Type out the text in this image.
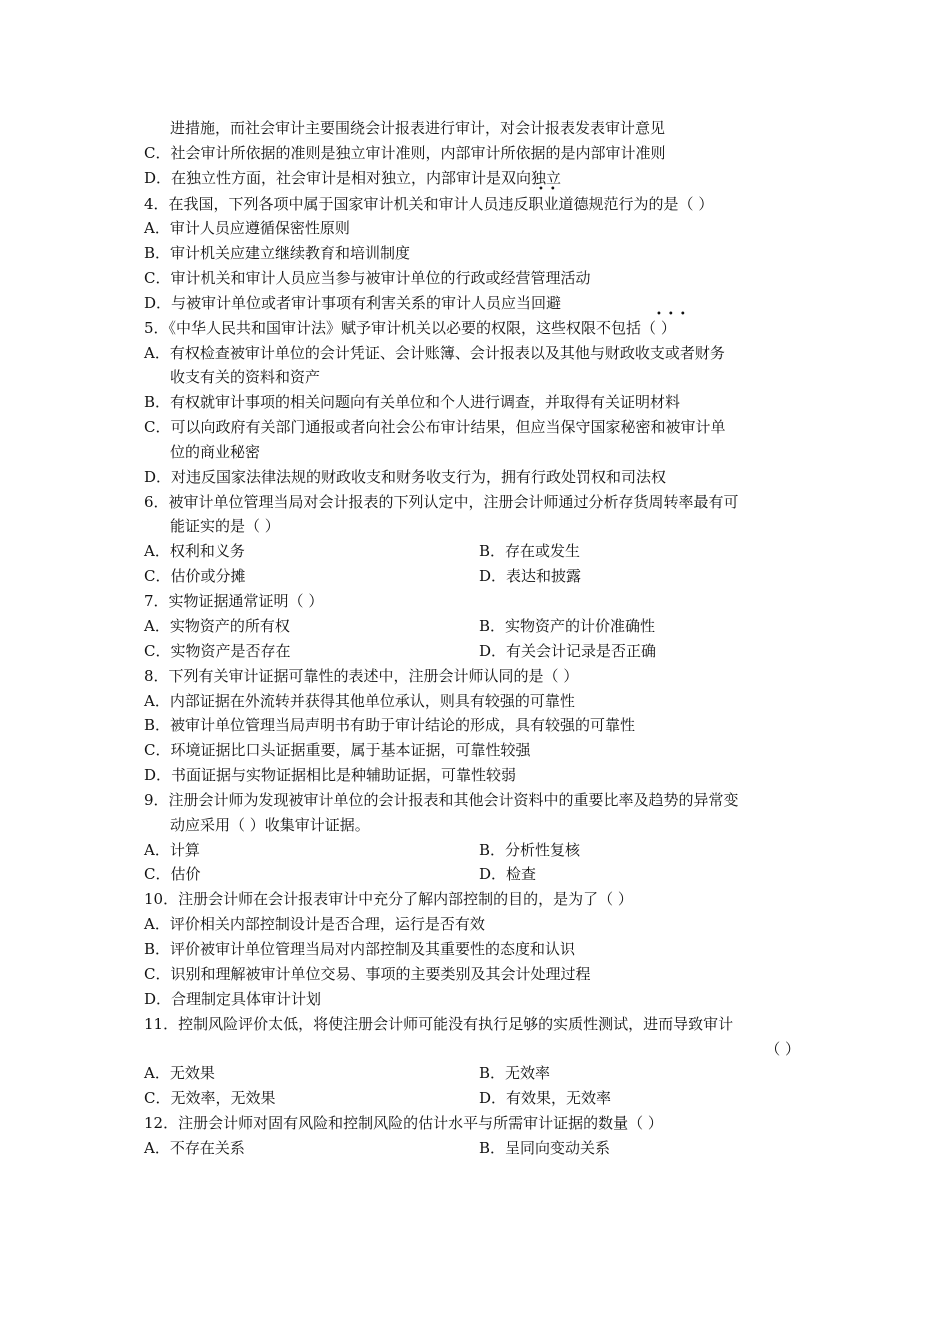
进措施，而社会审计主要围绕会计报表进行审计，对会计报表发表审计意见
C．社会审计所依据的准则是独立审计准则，内部审计所依据的是内部审计准则
D．在独立性方面，社会审计是相对独立，内部审计是双向独立
••
4．在我国，下列各项中属于国家审计机关和审计人员违反职业道德规范行为的是（ ）
A．审计人员应遵循保密性原则
B．审计机关应建立继续教育和培训制度
C．审计机关和审计人员应当参与被审计单位的行政或经营管理活动
D．与被审计单位或者审计事项有利害关系的审计人员应当回避
•••
5．《中华人民共和国审计法》赋予审计机关以必要的权限，这些权限不包括（ ）
A．有权检查被审计单位的会计凭证、会计账簿、会计报表以及其他与财政收支或者财务
收支有关的资料和资产
B．有权就审计事项的相关问题向有关单位和个人进行调查，并取得有关证明材料
C．可以向政府有关部门通报或者向社会公布审计结果，但应当保守国家秘密和被审计单
位的商业秘密
D．对违反国家法律法规的财政收支和财务收支行为，拥有行政处罚权和司法权
6．被审计单位管理当局对会计报表的下列认定中，注册会计师通过分析存货周转率最有可
能证实的是（ ）
A．权利和义务	B．存在或发生
C．估价或分摊	D．表达和披露
7．实物证据通常证明（ ）
A．实物资产的所有权	B．实物资产的计价准确性
C．实物资产是否存在	D．有关会计记录是否正确
8．下列有关审计证据可靠性的表述中，注册会计师认同的是（ ）
A．内部证据在外流转并获得其他单位承认，则具有较强的可靠性
B．被审计单位管理当局声明书有助于审计结论的形成，具有较强的可靠性
C．环境证据比口头证据重要，属于基本证据，可靠性较强
D．书面证据与实物证据相比是种辅助证据，可靠性较弱
9．注册会计师为发现被审计单位的会计报表和其他会计资料中的重要比率及趋势的异常变
动应采用（ ）收集审计证据。
A．计算	B．分析性复核
C．估价	D．检查
10．注册会计师在会计报表审计中充分了解内部控制的目的，是为了（ ）
A．评价相关内部控制设计是否合理，运行是否有效
B．评价被审计单位管理当局对内部控制及其重要性的态度和认识
C．识别和理解被审计单位交易、事项的主要类别及其会计处理过程
D．合理制定具体审计计划
11．控制风险评价太低，将使注册会计师可能没有执行足够的实质性测试，进而导致审计
（ ）
A．无效果	B．无效率
C．无效率，无效果	D．有效果，无效率
12．注册会计师对固有风险和控制风险的估计水平与所需审计证据的数量（ ）
A．不存在关系	B．呈同向变动关系
